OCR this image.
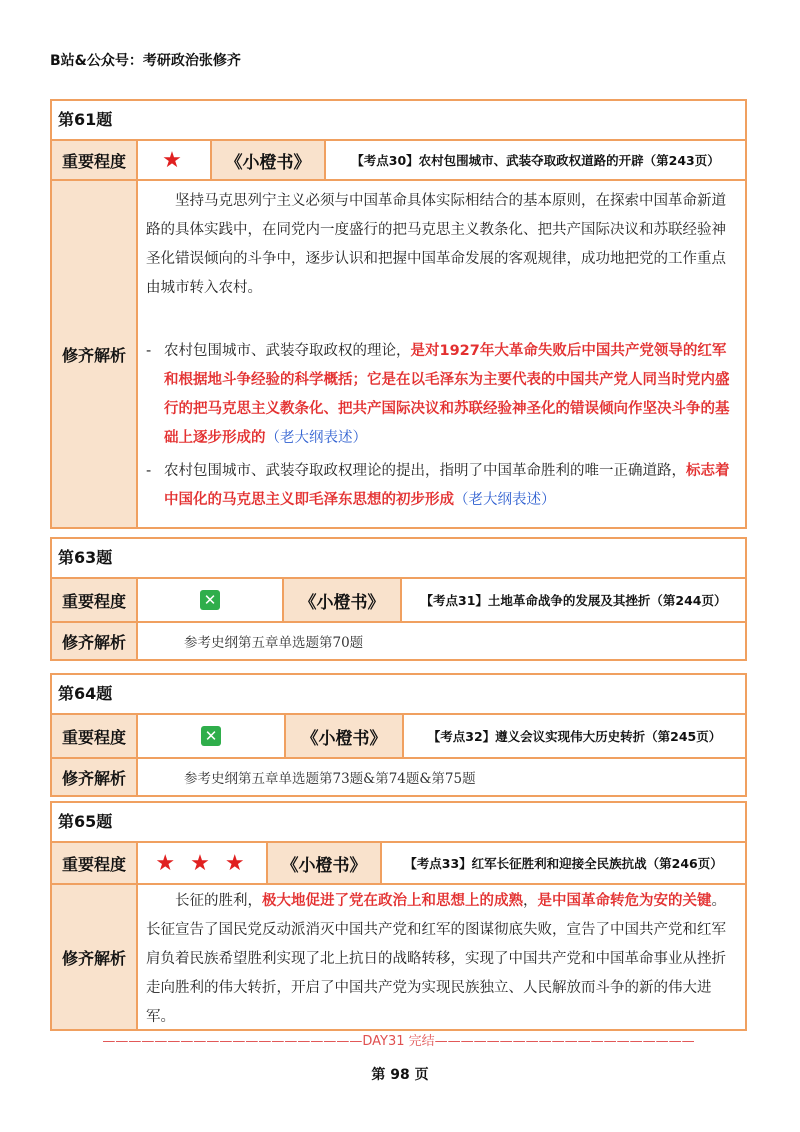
B站&公众号：考研政治张修齐
第61题
重要程度	★	《小橙书》	【考点30】农村包围城市、武装夺取政权道路的开辟（第243页）
修齐解析

坚持马克思列宁主义必须与中国革命具体实际相结合的基本原则，在探索中国革命新道路的具体实践中，在同党内一度盛行的把马克思主义教条化、把共产国际决议和苏联经验神圣化错误倾向的斗争中，逐步认识和把握中国革命发展的客观规律，成功地把党的工作重点由城市转入农村。

- 农村包围城市、武装夺取政权的理论，是对1927年大革命失败后中国共产党领导的红军和根据地斗争经验的科学概括；它是在以毛泽东为主要代表的中国共产党人同当时党内盛行的把马克思主义教条化、把共产国际决议和苏联经验神圣化的错误倾向作坚决斗争的基础上逐步形成的（老大纲表述）
- 农村包围城市、武装夺取政权理论的提出，指明了中国革命胜利的唯一正确道路，标志着中国化的马克思主义即毛泽东思想的初步形成（老大纲表述）
第63题
重要程度	✕	《小橙书》	【考点31】土地革命战争的发展及其挫折（第244页）
修齐解析	参考史纲第五章单选题第70题
第64题
重要程度	✕	《小橙书》	【考点32】遵义会议实现伟大历史转折（第245页）
修齐解析	参考史纲第五章单选题第73题&第74题&第75题
第65题
重要程度	★ ★ ★	《小橙书》	【考点33】红军长征胜利和迎接全民族抗战（第246页）
修齐解析

长征的胜利，极大地促进了党在政治上和思想上的成熟，是中国革命转危为安的关键。长征宣告了国民党反动派消灭中国共产党和红军的图谋彻底失败，宣告了中国共产党和红军肩负着民族希望胜利实现了北上抗日的战略转移，实现了中国共产党和中国革命事业从挫折走向胜利的伟大转折，开启了中国共产党为实现民族独立、人民解放而斗争的新的伟大进军。

————————————————————DAY31 完结————————————————————
第 98 页
